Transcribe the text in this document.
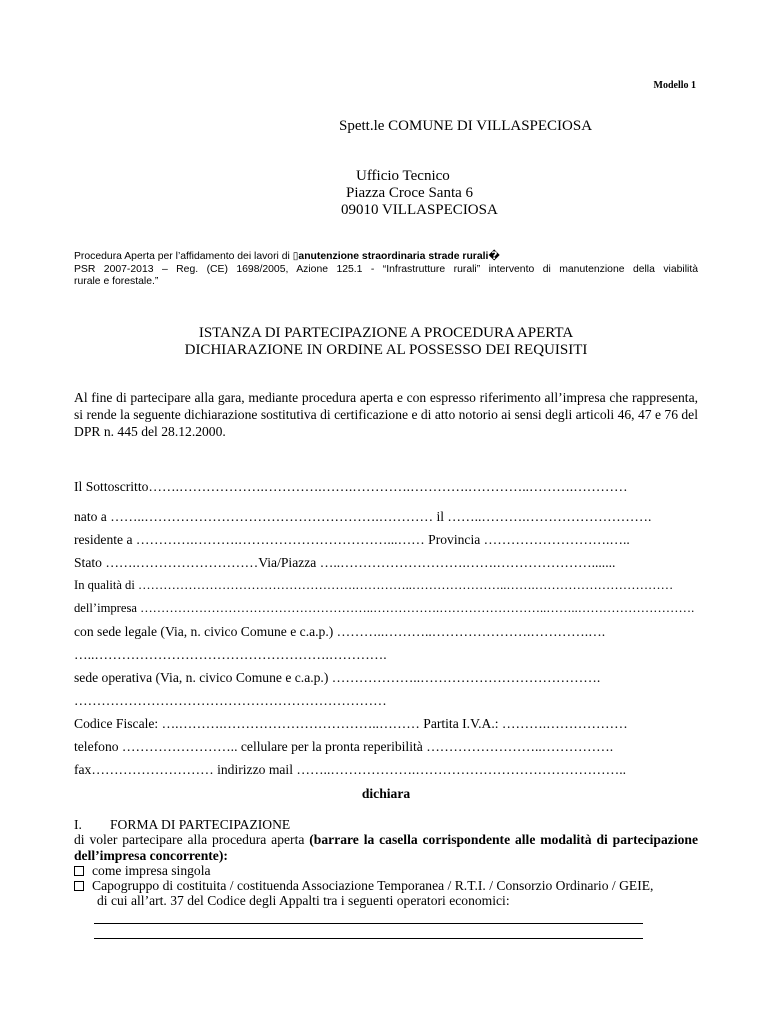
Modello 1
Spett.le COMUNE DI VILLASPECIOSA
Ufficio Tecnico
Piazza Croce Santa 6
09010 VILLASPECIOSA

Procedura Aperta per l’affidamento dei lavori di ▯anutenzione straordinaria strade rurali�

PSR 2007-2013 – Reg. (CE) 1698/2005, Azione 125.1 - “Infrastrutture rurali” intervento di manutenzione della viabilità

rurale e forestale.”

ISTANZA DI PARTECIPAZIONE A PROCEDURA APERTA
DICHIARAZIONE IN ORDINE AL POSSESSO DEI REQUISITI

Al fine di partecipare alla gara, mediante procedura aperta e con espresso riferimento all’impresa che rappresenta, si rende la seguente dichiarazione sostitutiva di certificazione e di atto notorio ai sensi degli articoli 46, 47 e 76 del DPR n. 445 del 28.12.2000.

Il Sottoscritto…….……………….………….…….………….………….…………..……….…………
nato a ……..…………………………………………….………… il ……..……….……………………….
residente a ………….……….……………………………...…… Provincia ……………………….…..
Stato …….………………………Via/Piazza …..……………………….…….………………….......
In qualità di …………………………………………….…………..…………………..…….……………………………
dell’impresa ………………………………………………..…………….……………………..……..……………………….
con sede legale (Via, n. civico Comune e c.a.p.) ………..………..………………….………….….
…..…………………………………………….………….
sede operativa (Via, n. civico Comune e c.a.p.) ………………..………………………………….
……………………………………………………………
Codice Fiscale: ….……….……………………………..……… Partita I.V.A.: ……….………………
telefono …………………….. cellulare per la pronta reperibilità ……………………..…………….
fax……………………… indirizzo mail ……..……………….………………………………………..
dichiara
I. FORMA DI PARTECIPAZIONE

di voler partecipare alla procedura aperta (barrare la casella corrispondente alle modalità di partecipazione dell’impresa concorrente):

come impresa singola
Capogruppo di costituita / costituenda Associazione Temporanea / R.T.I. / Consorzio Ordinario / GEIE,
di cui all’art. 37 del Codice degli Appalti tra i seguenti operatori economici:
